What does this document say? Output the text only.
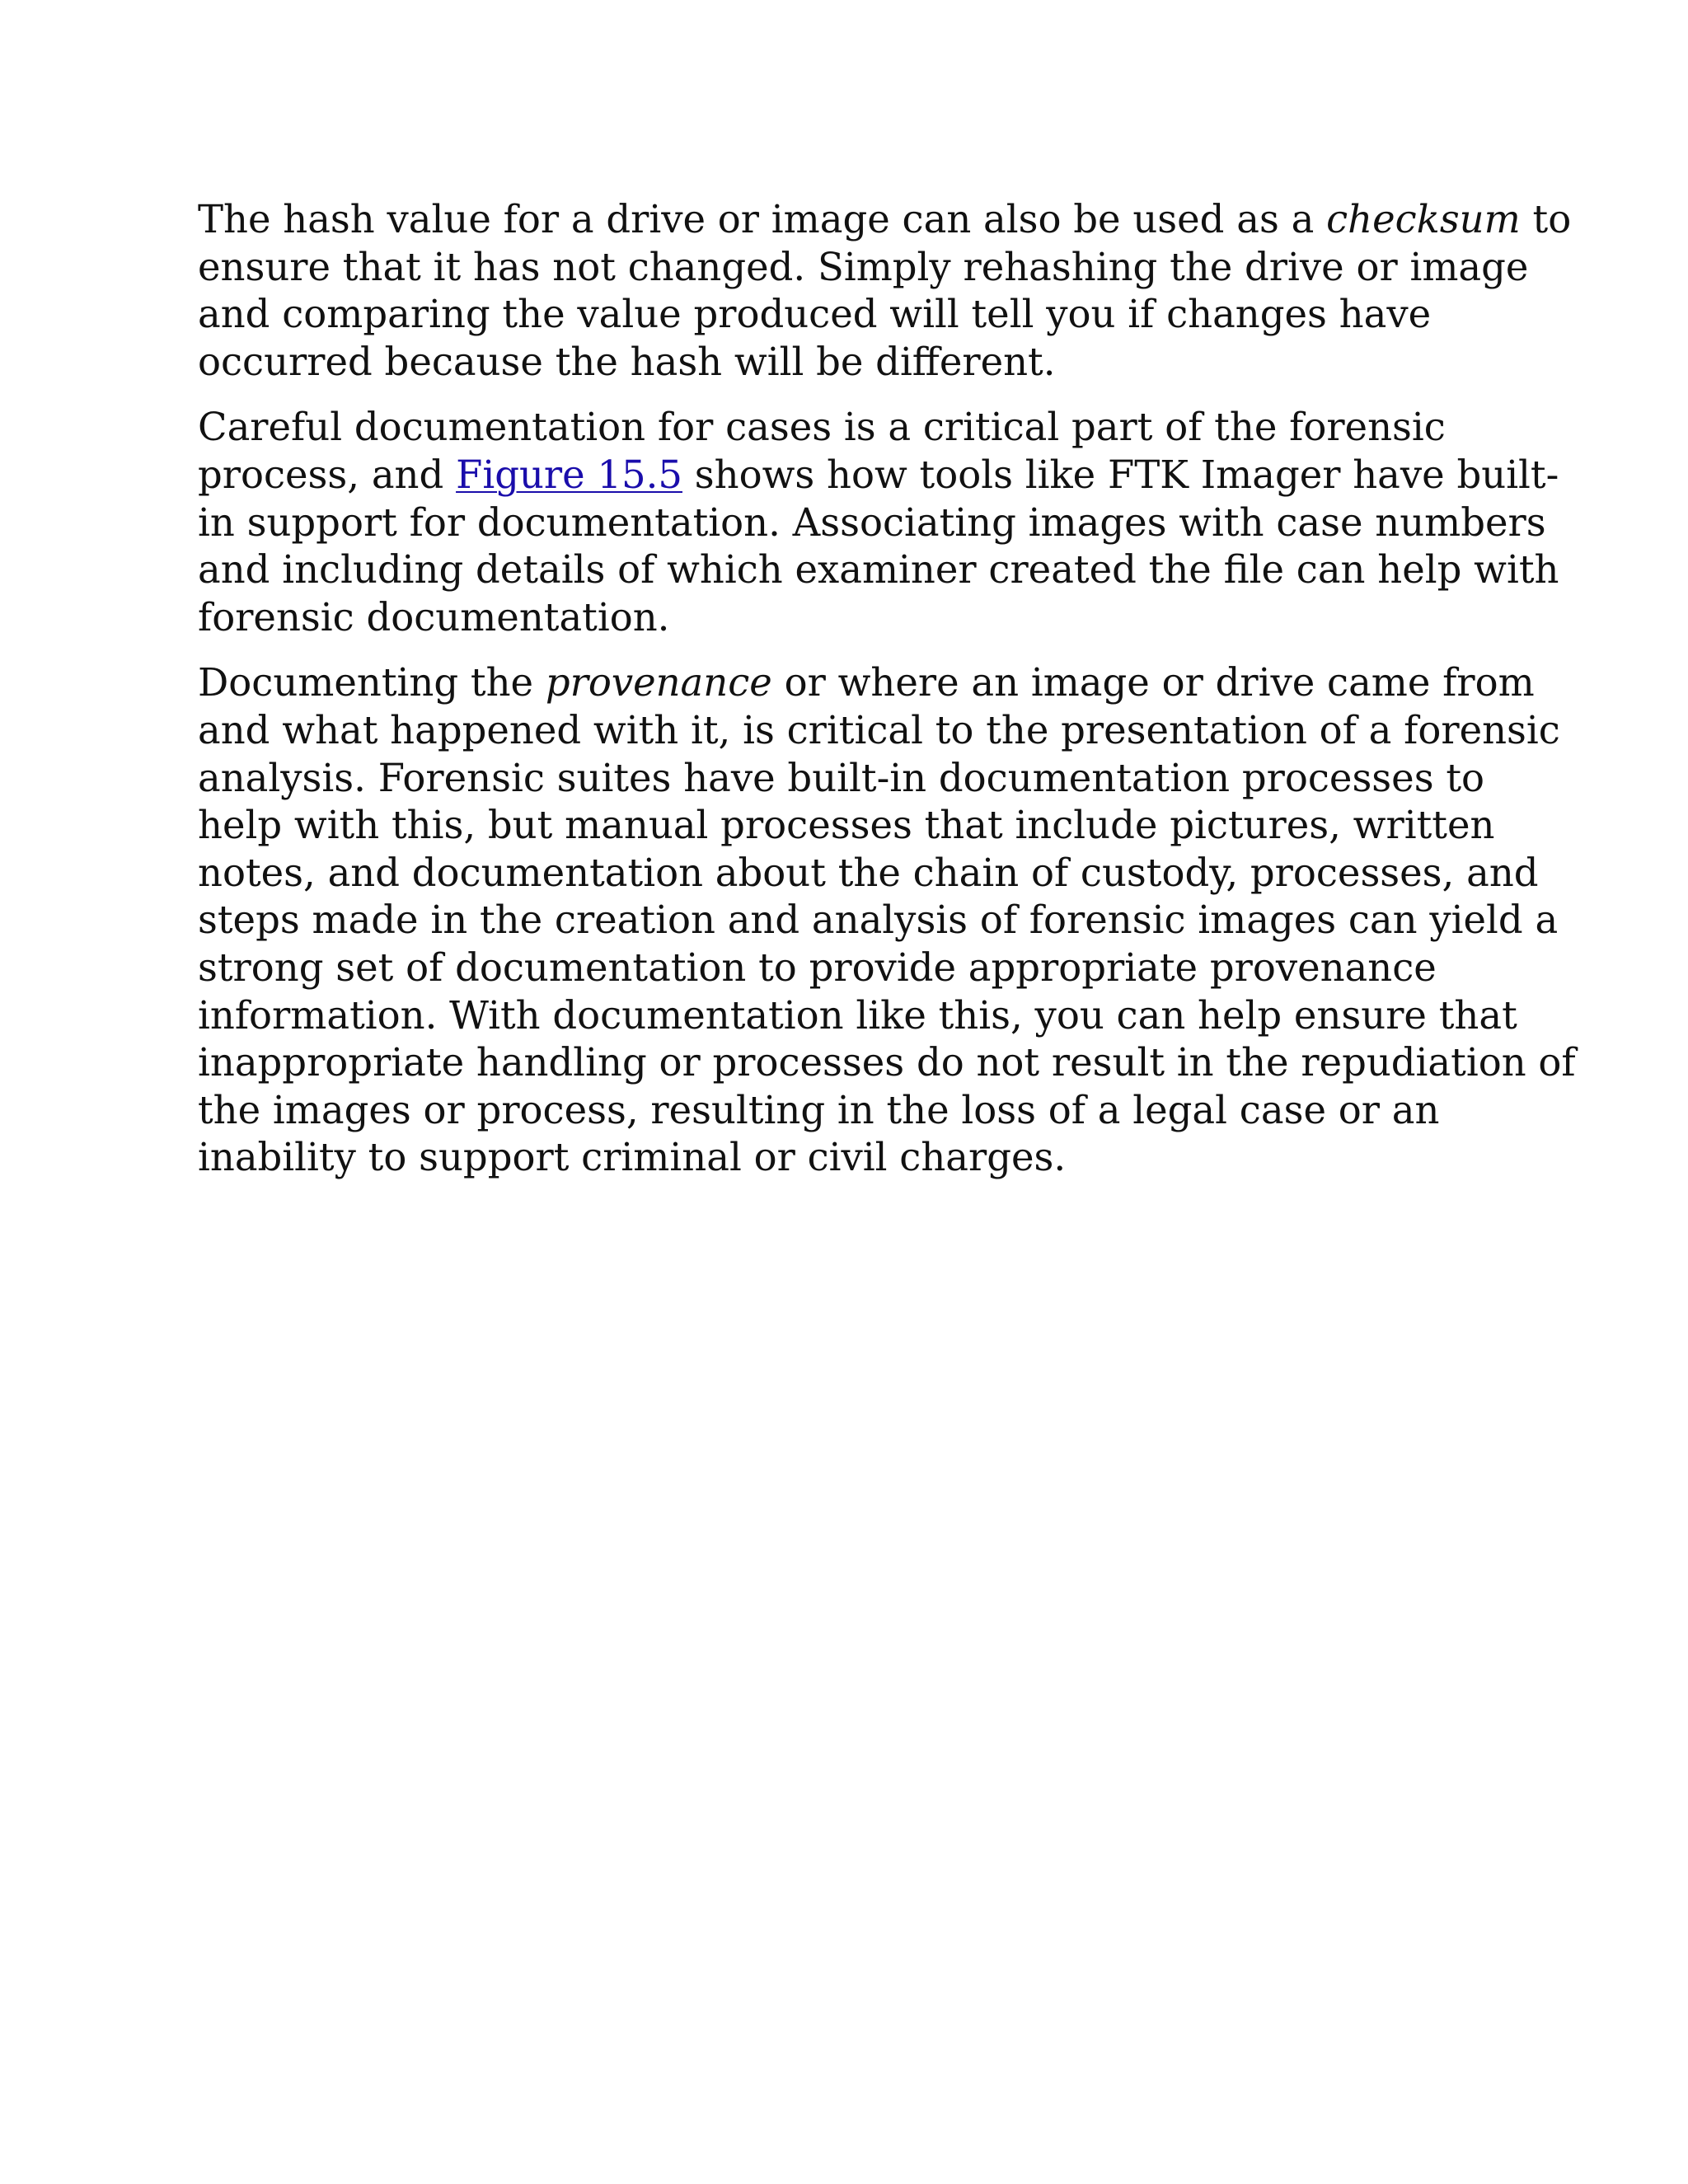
The hash value for a drive or image can also be used as a checksum to
ensure that it has not changed. Simply rehashing the drive or image
and comparing the value produced will tell you if changes have
occurred because the hash will be different.

Careful documentation for cases is a critical part of the forensic
process, and Figure 15.5 shows how tools like FTK Imager have built-
in support for documentation. Associating images with case numbers
and including details of which examiner created the file can help with
forensic documentation.

Documenting the provenance or where an image or drive came from
and what happened with it, is critical to the presentation of a forensic
analysis. Forensic suites have built-in documentation processes to
help with this, but manual processes that include pictures, written
notes, and documentation about the chain of custody, processes, and
steps made in the creation and analysis of forensic images can yield a
strong set of documentation to provide appropriate provenance
information. With documentation like this, you can help ensure that
inappropriate handling or processes do not result in the repudiation of
the images or process, resulting in the loss of a legal case or an
inability to support criminal or civil charges.
